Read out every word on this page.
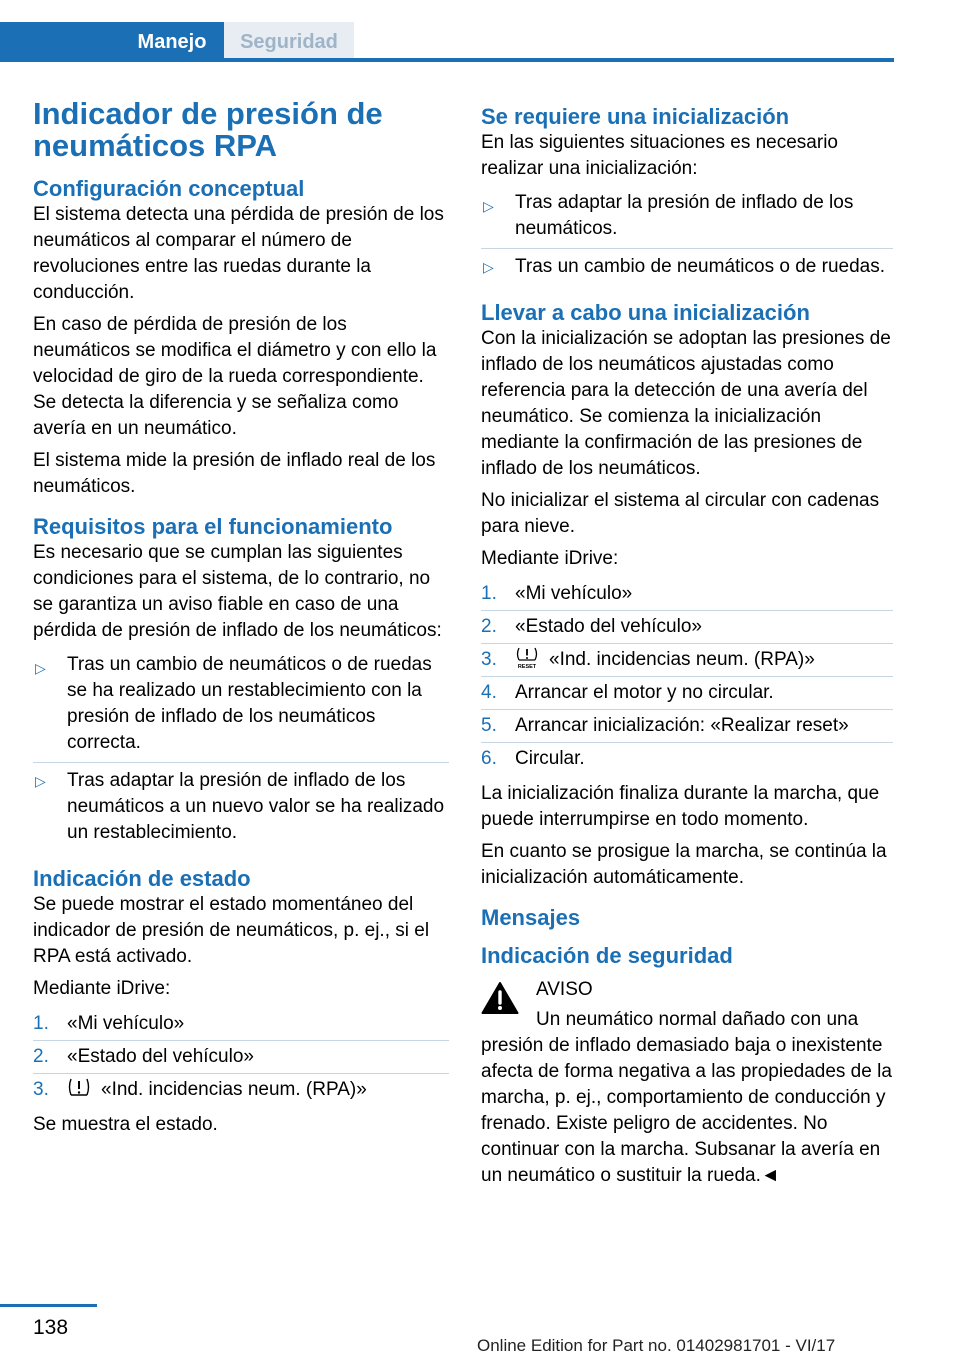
Manejo	Seguridad
Indicador de presión de neumáticos RPA
Configuración conceptual

El sistema detecta una pérdida de presión de los neumáticos al comparar el número de revoluciones entre las ruedas durante la conducción.

En caso de pérdida de presión de los neumáticos se modifica el diámetro y con ello la velocidad de giro de la rueda correspondiente. Se detecta la diferencia y se señaliza como avería en un neumático.

El sistema mide la presión de inflado real de los neumáticos.

Requisitos para el funcionamiento

Es necesario que se cumplan las siguientes condiciones para el sistema, de lo contrario, no se garantiza un aviso fiable en caso de una pérdida de presión de inflado de los neumáticos:

▷ Tras un cambio de neumáticos o de ruedas se ha realizado un restablecimiento con la presión de inflado de los neumáticos correcta.
▷ Tras adaptar la presión de inflado de los neumáticos a un nuevo valor se ha realizado un restablecimiento.
Indicación de estado

Se puede mostrar el estado momentáneo del indicador de presión de neumáticos, p. ej., si el RPA está activado.

Mediante iDrive:

1. «Mi vehículo»
2. «Estado del vehículo»
3.	«Ind. incidencias neum. (RPA)»

Se muestra el estado.

Se requiere una inicialización

En las siguientes situaciones es necesario realizar una inicialización:

▷ Tras adaptar la presión de inflado de los neumáticos.
▷ Tras un cambio de neumáticos o de ruedas.
Llevar a cabo una inicialización

Con la inicialización se adoptan las presiones de inflado de los neumáticos ajustadas como referencia para la detección de una avería del neumático. Se comienza la inicialización mediante la confirmación de las presiones de inflado de los neumáticos.

No inicializar el sistema al circular con cadenas para nieve.

Mediante iDrive:

1. «Mi vehículo»
2. «Estado del vehículo»
3.	RESET «Ind. incidencias neum. (RPA)»
4. Arrancar el motor y no circular.
5. Arrancar inicialización: «Realizar reset»
6. Circular.

La inicialización finaliza durante la marcha, que puede interrumpirse en todo momento.

En cuanto se prosigue la marcha, se continúa la inicialización automáticamente.

Mensajes
Indicación de seguridad

AVISO

Un neumático normal dañado con una presión de inflado demasiado baja o inexistente afecta de forma negativa a las propiedades de la marcha, p. ej., comportamiento de conducción y frenado. Existe peligro de accidentes. No continuar con la marcha. Subsanar la avería en un neumático o sustituir la rueda.◄

138
Online Edition for Part no. 01402981701 - VI/17
